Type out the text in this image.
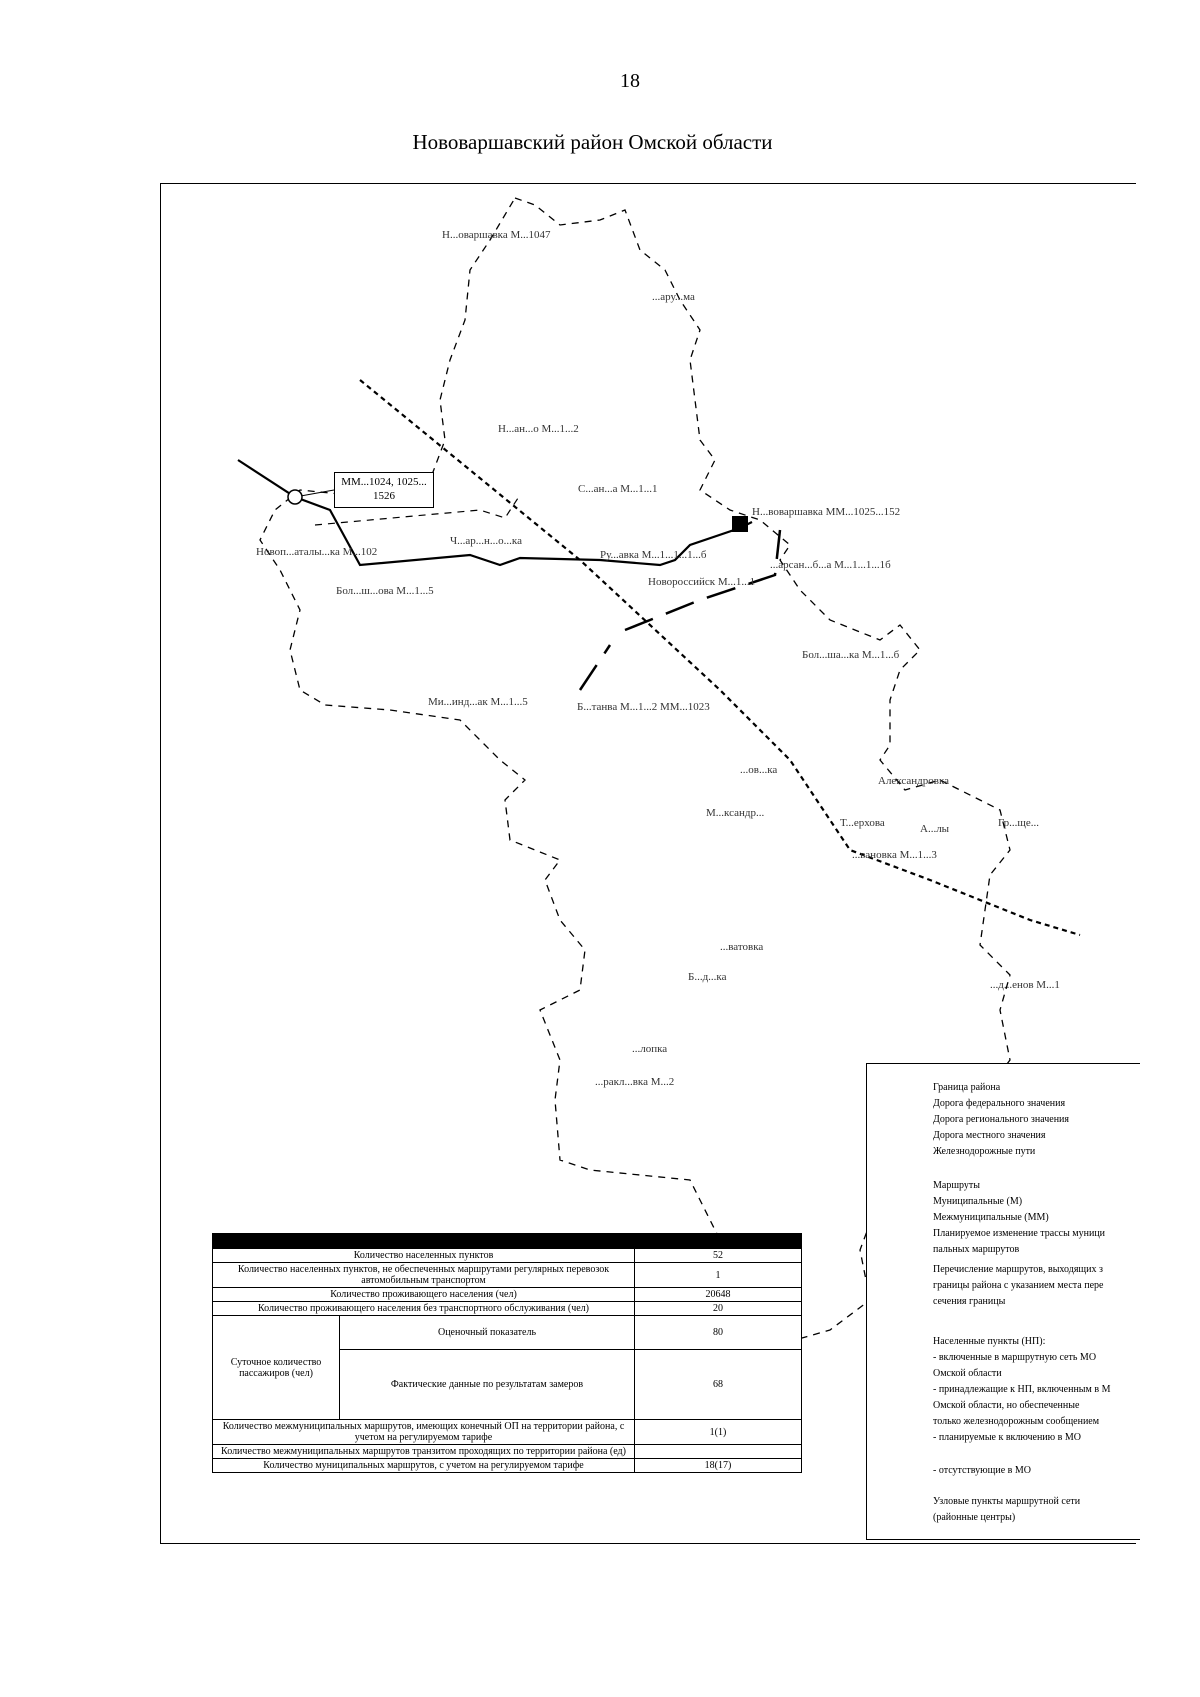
18
Нововаршавский район Омской области
Н...оваршавка М...1047
...ару...ма
Н...ан...о М...1...2
С...ан...а М...1...1
Н...воваршавка ММ...1025...152
...арсан...б...а М...1...1...1б
Новоп...аталы...ка М...102	Ру...авка М...1...1...1...б
Ч...ар...н...о...ка
Бол...ш...ова М...1...5
Новороссийск М...1...1
Ми...инд...ак М...1...5	Б...танва М...1...2 ММ...1023
Бол...ша...ка М...1...б
...ов...ка
М...ксандр...
Александровка
Т...ерхова	А...лы	Гр...ще...
...вановка М...1...3
...ватовка
Б...д...ка
...лопка
...ракл...вка М...2
...д...енов М...1
ММ...1024, 1025...
1526
Граница района
Дорога федерального значения
Дорога регионального значения
Дорога местного значения
Железнодорожные пути
Маршруты
Муниципальные (М)
Межмуниципальные (ММ)
Планируемое изменение трассы муници
пальных маршрутов
Перечисление маршрутов, выходящих з
границы района с указанием места пере
сечения границы
Населенные пункты (НП):
- включенные в маршрутную сеть МО
Омской области
- принадлежащие к НП, включенным в М
Омской области, но обеспеченные
только железнодорожным сообщением
- планируемые к включению в МО
- отсутствующие в МО
Узловые пункты маршрутной сети
(районные центры)

Количество населенных пунктов		52
Количество населенных пунктов, не обеспеченных маршрутами регулярных перевозок автомобильным транспортом		1
Количество проживающего населения (чел)		20648
Количество проживающего населения без транспортного обслуживания (чел)		20
Суточное количество пассажиров (чел)	Оценочный показатель	80
	Фактические данные по результатам замеров	68
Количество межмуниципальных маршрутов, имеющих конечный ОП на территории района, с учетом на регулируемом тарифе		1(1)
Количество межмуниципальных маршрутов транзитом проходящих по территории района (ед)		
Количество муниципальных маршрутов, с учетом на регулируемом тарифе		18(17)
